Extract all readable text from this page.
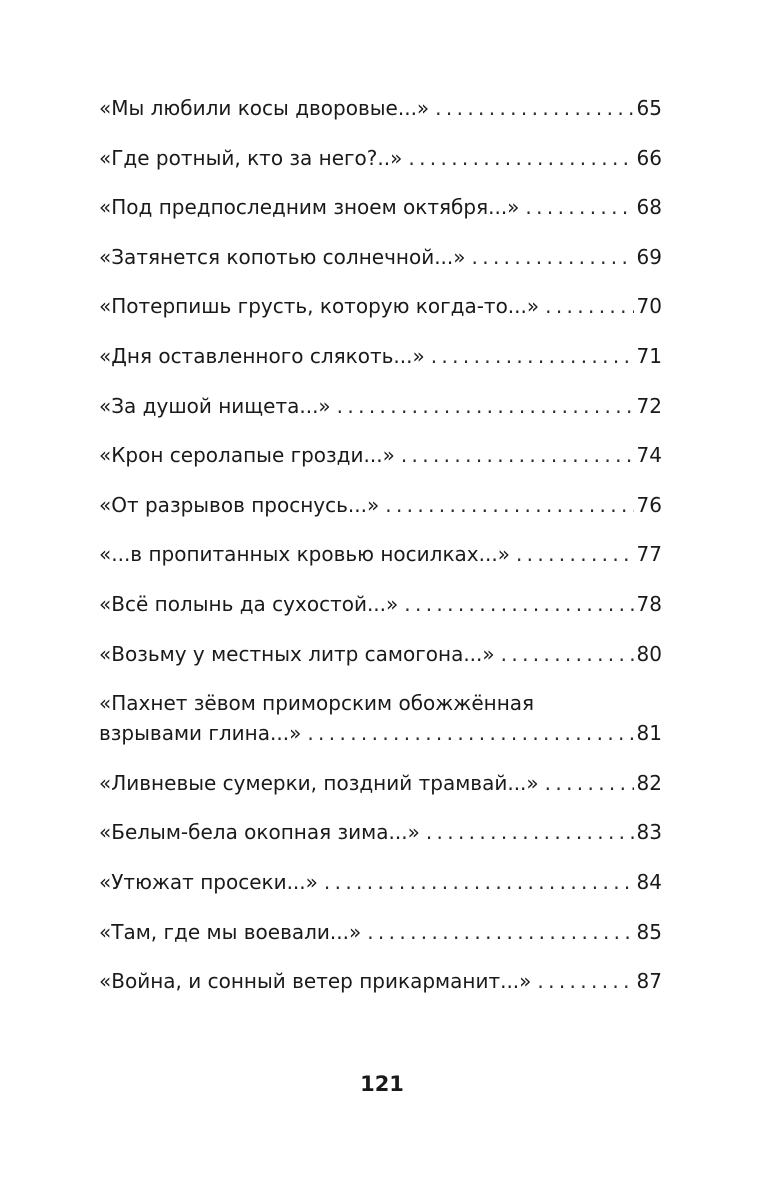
«Мы любили косы дворовые...» . . .	65
«Где ротный, кто за него?..» . . .	66
«Под предпоследним зноем октября...» . . .	68
«Затянется копотью солнечной...» . . .	69
«Потерпишь грусть, которую когда-то...» . . .	70
«Дня оставленного слякоть...» . . .	71
«За душой нищета...» . . .	72
«Крон серолапые грозди...» . . .	74
«От разрывов проснусь...» . . .	76
«...в пропитанных кровью носилках...» . . .	77
«Всё полынь да сухостой...» . . .	78
«Возьму у местных литр самогона...» . . .	80
«Пахнет зёвом приморским обожжённая
взрывами глина...» . . .	81
«Ливневые сумерки, поздний трамвай...» . . .	82
«Белым-бела окопная зима...» . . .	83
«Утюжат просеки...» . . .	84
«Там, где мы воевали...» . . .	85
«Война, и сонный ветер прикарманит...» . . .	87
121
